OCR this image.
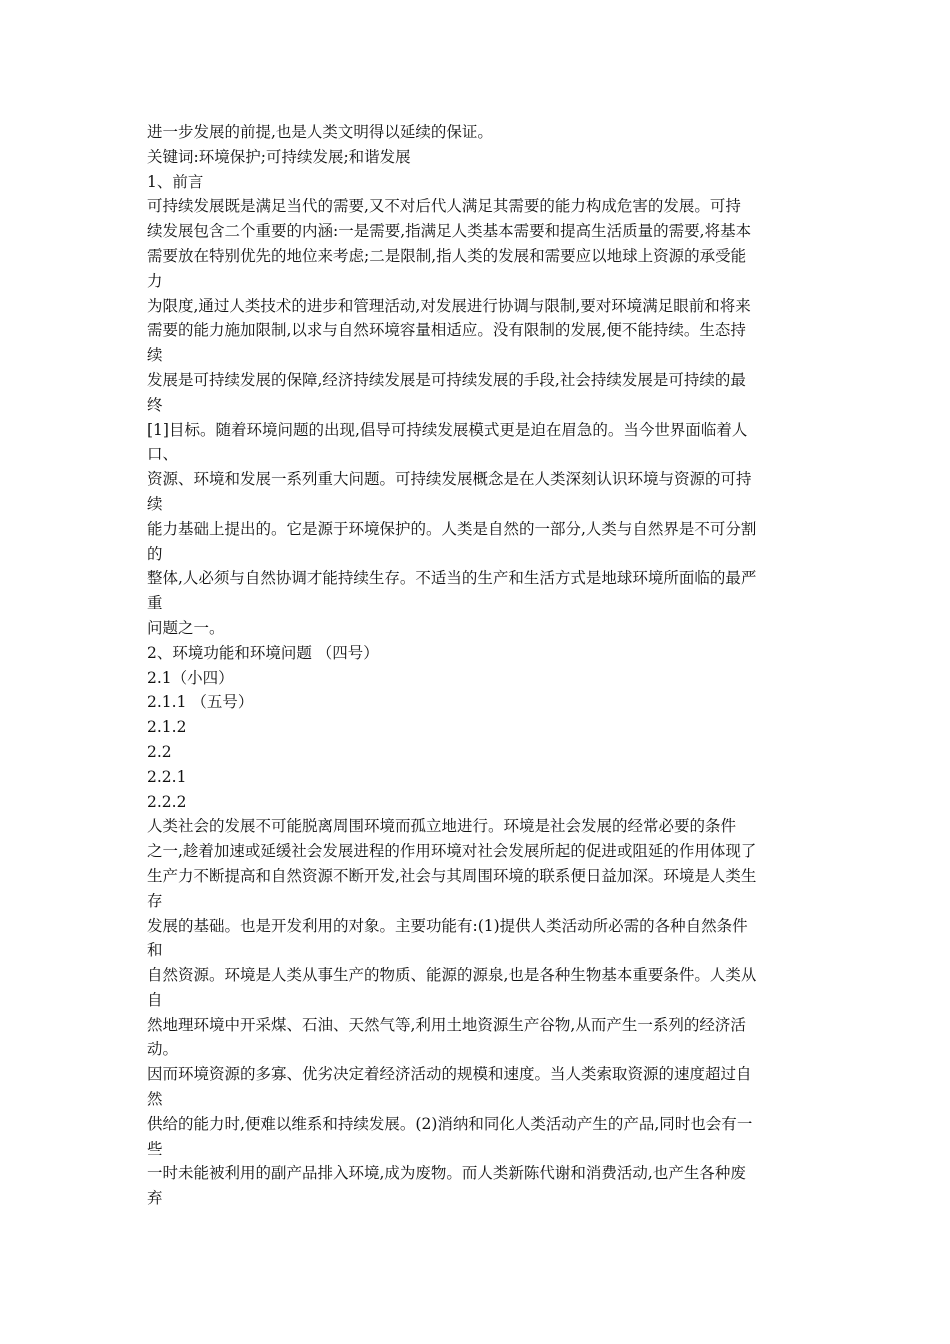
进一步发展的前提,也是人类文明得以延续的保证。
关键词:环境保护;可持续发展;和谐发展
1、前言
可持续发展既是满足当代的需要,又不对后代人满足其需要的能力构成危害的发展。可持
续发展包含二个重要的内涵:一是需要,指满足人类基本需要和提高生活质量的需要,将基本
需要放在特别优先的地位来考虑;二是限制,指人类的发展和需要应以地球上资源的承受能
力
为限度,通过人类技术的进步和管理活动,对发展进行协调与限制,要对环境满足眼前和将来
需要的能力施加限制,以求与自然环境容量相适应。没有限制的发展,便不能持续。生态持
续
发展是可持续发展的保障,经济持续发展是可持续发展的手段,社会持续发展是可持续的最
终
[1]目标。随着环境问题的出现,倡导可持续发展模式更是迫在眉急的。当今世界面临着人
口、
资源、环境和发展一系列重大问题。可持续发展概念是在人类深刻认识环境与资源的可持
续
能力基础上提出的。它是源于环境保护的。人类是自然的一部分,人类与自然界是不可分割
的
整体,人必须与自然协调才能持续生存。不适当的生产和生活方式是地球环境所面临的最严
重
问题之一。
2、环境功能和环境问题 （四号）
2.1（小四）
2.1.1 （五号）
2.1.2
2.2
2.2.1
2.2.2
人类社会的发展不可能脱离周围环境而孤立地进行。环境是社会发展的经常必要的条件
之一,趁着加速或延缓社会发展进程的作用环境对社会发展所起的促进或阻延的作用体现了
生产力不断提高和自然资源不断开发,社会与其周围环境的联系便日益加深。环境是人类生
存
发展的基础。也是开发利用的对象。主要功能有:(1)提供人类活动所必需的各种自然条件
和
自然资源。环境是人类从事生产的物质、能源的源泉,也是各种生物基本重要条件。人类从
自
然地理环境中开采煤、石油、天然气等,利用土地资源生产谷物,从而产生一系列的经济活
动。
因而环境资源的多寡、优劣决定着经济活动的规模和速度。当人类索取资源的速度超过自
然
供给的能力时,便难以维系和持续发展。(2)消纳和同化人类活动产生的产品,同时也会有一
些
一时未能被利用的副产品排入环境,成为废物。而人类新陈代谢和消费活动,也产生各种废
弃
